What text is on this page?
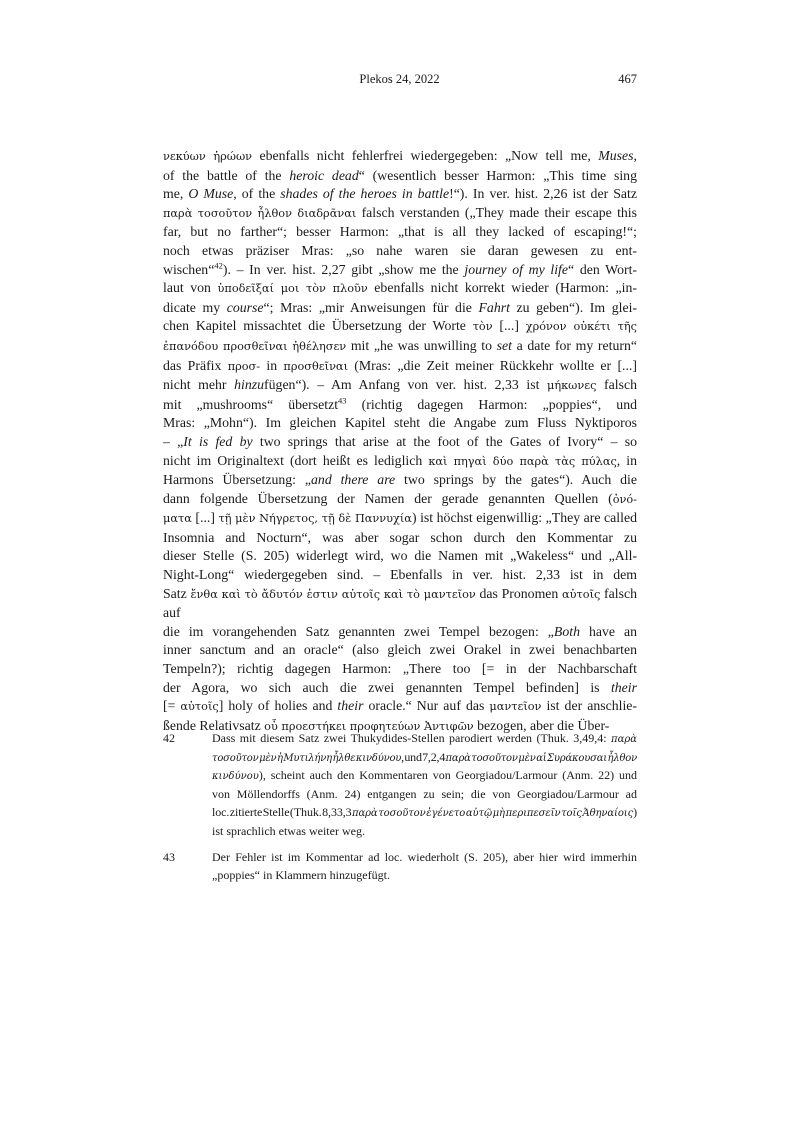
Plekos 24, 2022	467
νεκύων ἡρώων ebenfalls nicht fehlerfrei wiedergegeben: „Now tell me, Muses,
of the battle of the heroic dead“ (wesentlich besser Harmon: „This time sing
me, O Muse, of the shades of the heroes in battle!“). In ver. hist. 2,26 ist der Satz
παρὰ τοσοῦτον ἦλθον διαδρᾶναι falsch verstanden („They made their escape this
far, but no farther“; besser Harmon: „that is all they lacked of escaping!“;
noch etwas präziser Mras: „so nahe waren sie daran gewesen zu ent-
wischen“$^{42}$). – In ver. hist. 2,27 gibt „show me the journey of my life“ den Wort-
laut von ὑποδεῖξαί μοι τὸν πλοῦν ebenfalls nicht korrekt wieder (Harmon: „in-
dicate my course“; Mras: „mir Anweisungen für die Fahrt zu geben“). Im glei-
chen Kapitel missachtet die Übersetzung der Worte τὸν [...] χρόνον οὐκέτι τῆς
ἐπανόδου προσθεῖναι ἠθέλησεν mit „he was unwilling to set a date for my return“
das Präfix προσ- in προσθεῖναι (Mras: „die Zeit meiner Rückkehr wollte er [...]
nicht mehr hinzufügen“). – Am Anfang von ver. hist. 2,33 ist μήκωνες falsch
mit „mushrooms“ übersetzt$^{43}$ (richtig dagegen Harmon: „poppies“, und
Mras: „Mohn“). Im gleichen Kapitel steht die Angabe zum Fluss Nyktiporos
– „It is fed by two springs that arise at the foot of the Gates of Ivory“ – so
nicht im Originaltext (dort heißt es lediglich καὶ πηγαὶ δύο παρὰ τὰς πύλας, in
Harmons Übersetzung: „and there are two springs by the gates“). Auch die
dann folgende Übersetzung der Namen der gerade genannten Quellen (ὀνό-
ματα [...] τῇ μὲν Νήγρετος, τῇ δὲ Παννυχία) ist höchst eigenwillig: „They are called
Insomnia and Nocturn“, was aber sogar schon durch den Kommentar zu
dieser Stelle (S. 205) widerlegt wird, wo die Namen mit „Wakeless“ und „All-
Night-Long“ wiedergegeben sind. – Ebenfalls in ver. hist. 2,33 ist in dem
Satz ἔνθα καὶ τὸ ἄδυτόν ἐστιν αὐτοῖς καὶ τὸ μαντεῖον das Pronomen αὐτοῖς falsch auf
die im vorangehenden Satz genannten zwei Tempel bezogen: „Both have an
inner sanctum and an oracle“ (also gleich zwei Orakel in zwei benachbarten
Tempeln?); richtig dagegen Harmon: „There too [= in der Nachbarschaft
der Agora, wo sich auch die zwei genannten Tempel befinden] is their
[= αὐτοῖς] holy of holies and their oracle.“ Nur auf das μαντεῖον ist der anschlie-
ßende Relativsatz οὗ προεστήκει προφητεύων Ἀντιφῶν bezogen, aber die Über-
42	Dass mit diesem Satz zwei Thukydides-Stellen parodiert werden (Thuk. 3,49,4: παρὰ
τοσοῦτον μὲν ἡ Μυτιλήνη ἦλθε κινδύνου, und 7,2,4 παρὰ τοσοῦτον μὲν αἱ Συράκουσαι ἦλθον
κινδύνου), scheint auch den Kommentaren von Georgiadou/Larmour (Anm. 22) und
von Möllendorffs (Anm. 24) entgangen zu sein; die von Georgiadou/Larmour ad
loc. zitierte Stelle (Thuk. 8,33,3 παρὰ τοσοῦτον ἐγένετο αὐτῷ μὴ περιπεσεῖν τοῖς Ἀθηναίοις)
ist sprachlich etwas weiter weg.
43	Der Fehler ist im Kommentar ad loc. wiederholt (S. 205), aber hier wird immerhin
„poppies“ in Klammern hinzugefügt.
